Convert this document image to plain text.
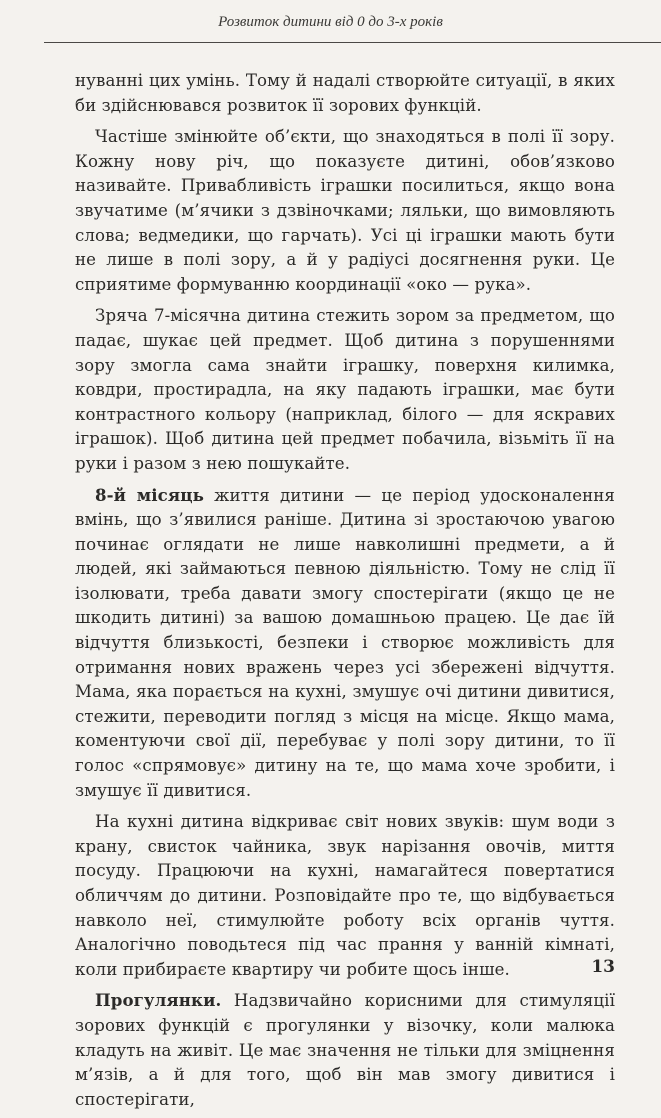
Розвиток дитини від 0 до 3-х років

нуванні цих умінь. Тому й надалі створюйте ситуації, в яких би здійснювався розвиток її зорових функцій.

Частіше змінюйте об’єкти, що знаходяться в полі її зору. Кожну нову річ, що показуєте дитині, обов’язково називайте. Привабливість іграшки посилиться, якщо вона звучатиме (м’ячики з дзвіночками; ляльки, що вимовляють слова; ведмедики, що гарчать). Усі ці іграшки мають бути не лише в полі зору, а й у радіусі досягнення руки. Це сприятиме формуванню координації «око — рука».

Зряча 7-місячна дитина стежить зором за предметом, що падає, шукає цей предмет. Щоб дитина з порушеннями зору змогла сама знайти іграшку, поверхня килимка, ковдри, простирадла, на яку падають іграшки, має бути контрастного кольору (наприклад, білого — для яскравих іграшок). Щоб дитина цей предмет побачила, візьміть її на руки і разом з нею пошукайте.

8-й місяць життя дитини — це період удосконалення вмінь, що з’явилися раніше. Дитина зі зростаючою увагою починає оглядати не лише навколишні предмети, а й людей, які займаються певною діяльністю. Тому не слід її ізолювати, треба давати змогу спостерігати (якщо це не шкодить дитині) за вашою домашньою працею. Це дає їй відчуття близькості, безпеки і створює можливість для отримання нових вражень через усі збережені відчуття. Мама, яка порається на кухні, змушує очі дитини дивитися, стежити, переводити погляд з місця на місце. Якщо мама, коментуючи свої дії, перебуває у полі зору дитини, то її голос «спрямовує» дитину на те, що мама хоче зробити, і змушує її дивитися.

На кухні дитина відкриває світ нових звуків: шум води з крану, свисток чайника, звук нарізання овочів, миття посуду. Працюючи на кухні, намагайтеся повертатися обличчям до дитини. Розповідайте про те, що відбувається навколо неї, стимулюйте роботу всіх органів чуття. Аналогічно поводьтеся під час прання у ванній кімнаті, коли прибираєте квартиру чи робите щось інше.

Прогулянки. Надзвичайно корисними для стимуляції зорових функцій є прогулянки у візочку, коли малюка кладуть на живіт. Це має значення не тільки для зміцнення м’язів, а й для того, щоб він мав змогу дивитися і спостерігати,

13
